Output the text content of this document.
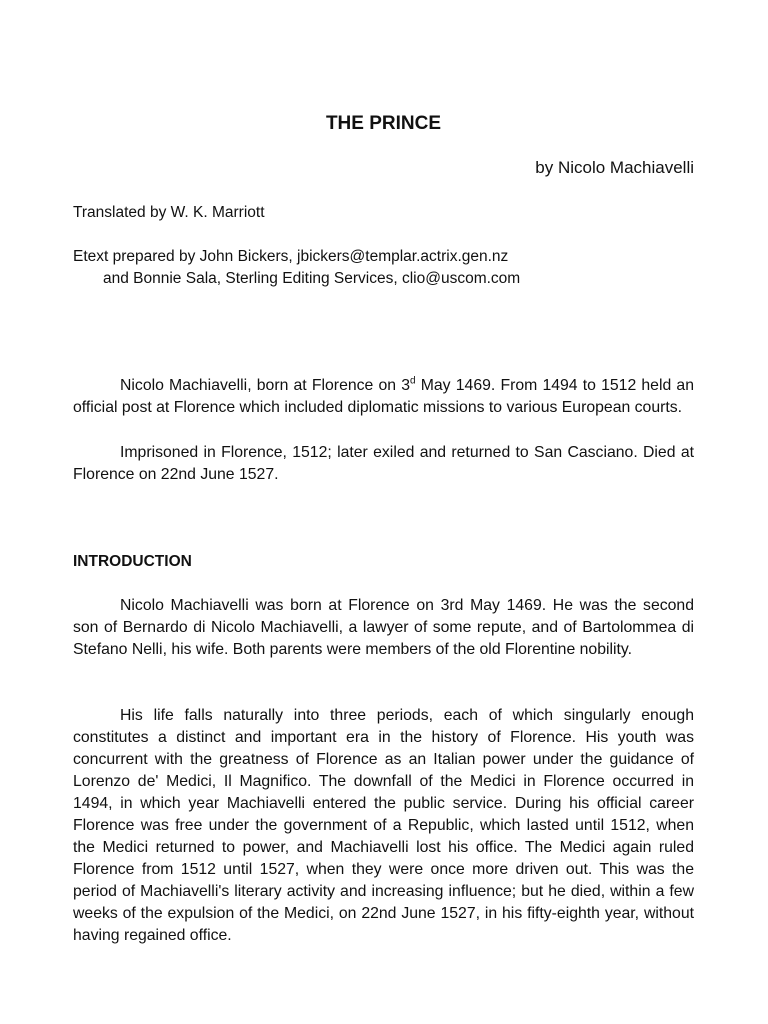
THE PRINCE
by Nicolo Machiavelli
Translated by W. K. Marriott
Etext prepared by John Bickers, jbickers@templar.actrix.gen.nz
and Bonnie Sala, Sterling Editing Services, clio@uscom.com

Nicolo Machiavelli, born at Florence on 3$^d$ May 1469. From 1494 to 1512 held an official post at Florence which included diplomatic missions to various European courts.

Imprisoned in Florence, 1512; later exiled and returned to San Casciano. Died at Florence on 22nd June 1527.

INTRODUCTION

Nicolo Machiavelli was born at Florence on 3rd May 1469. He was the second son of Bernardo di Nicolo Machiavelli, a lawyer of some repute, and of Bartolommea di Stefano Nelli, his wife. Both parents were members of the old Florentine nobility.

His life falls naturally into three periods, each of which singularly enough constitutes a distinct and important era in the history of Florence. His youth was concurrent with the greatness of Florence as an Italian power under the guidance of Lorenzo de' Medici, Il Magnifico. The downfall of the Medici in Florence occurred in 1494, in which year Machiavelli entered the public service. During his official career Florence was free under the government of a Republic, which lasted until 1512, when the Medici returned to power, and Machiavelli lost his office. The Medici again ruled Florence from 1512 until 1527, when they were once more driven out. This was the period of Machiavelli's literary activity and increasing influence; but he died, within a few weeks of the expulsion of the Medici, on 22nd June 1527, in his fifty-eighth year, without having regained office.
